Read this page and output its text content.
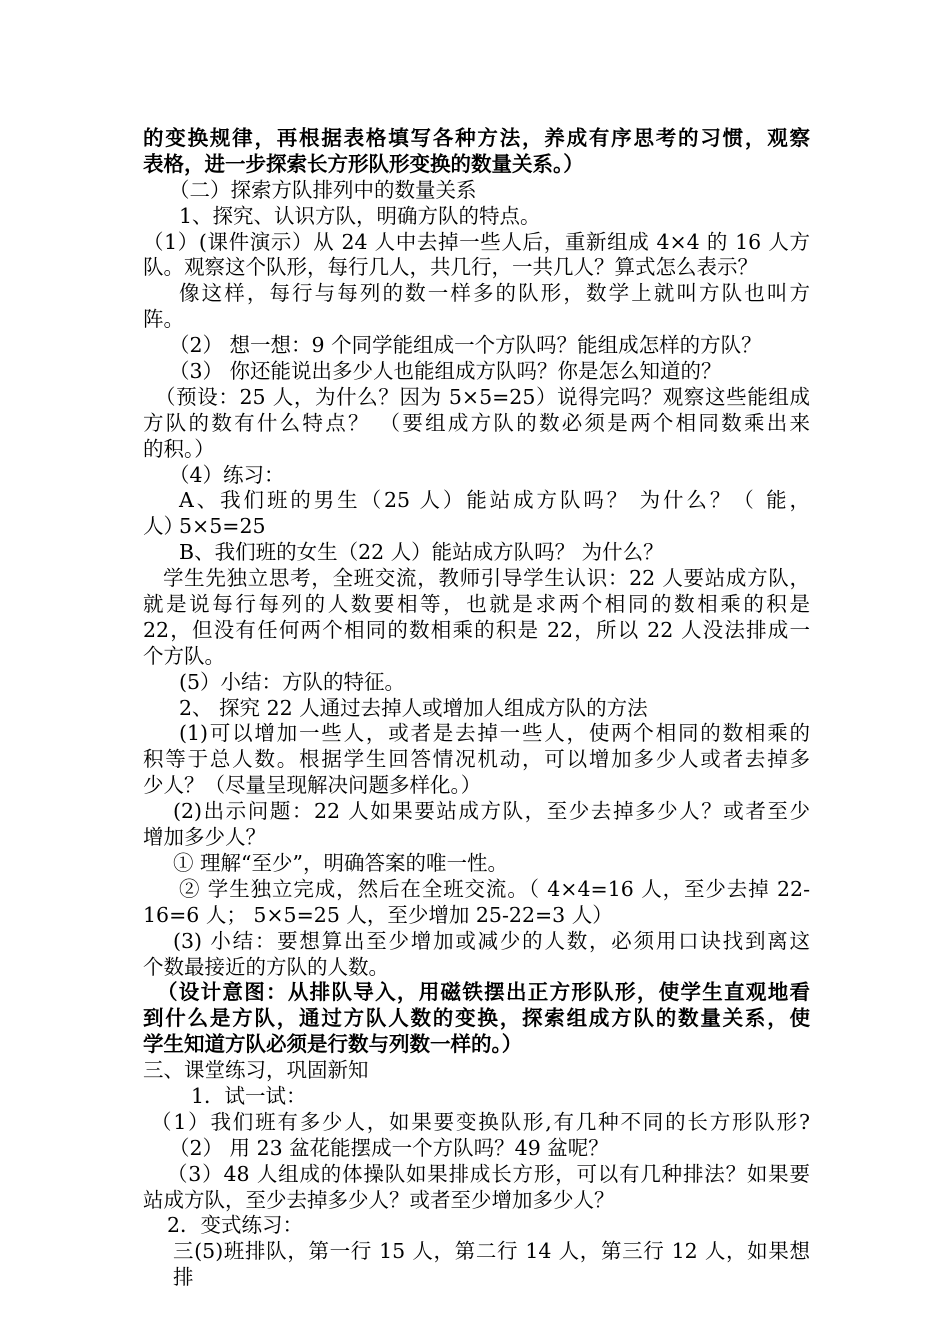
的变换规律，再根据表格填写各种方法，养成有序思考的习惯，观察
表格，进一步探索长方形队形变换的数量关系。）
（二）探索方队排列中的数量关系
1、探究、认识方队，明确方队的特点。
（1）(课件演示）从 24 人中去掉一些人后，重新组成 4×4 的 16 人方
队。观察这个队形，每行几人，共几行，一共几人？算式怎么表示？
像这样，每行与每列的数一样多的队形，数学上就叫方队也叫方
阵。
（2） 想一想：9 个同学能组成一个方队吗？能组成怎样的方队？
（3） 你还能说出多少人也能组成方队吗？你是怎么知道的？
（预设：25 人，为什么？因为 5×5=25）说得完吗？观察这些能组成
方队的数有什么特点？ （要组成方队的数必须是两个相同数乘出来
的积。）
（4）练习：
A、我们班的男生（25 人）能站成方队吗？ 为什么？（ 能，5×5=25
人）
B、我们班的女生（22 人）能站成方队吗？ 为什么？
学生先独立思考，全班交流，教师引导学生认识：22 人要站成方队，
就是说每行每列的人数要相等，也就是求两个相同的数相乘的积是
22，但没有任何两个相同的数相乘的积是 22，所以 22 人没法排成一
个方队。
(5）小结：方队的特征。
2、 探究 22 人通过去掉人或增加人组成方队的方法
(1)可以增加一些人，或者是去掉一些人，使两个相同的数相乘的
积等于总人数。根据学生回答情况机动，可以增加多少人或者去掉多
少人？（尽量呈现解决问题多样化。）
(2)出示问题：22 人如果要站成方队，至少去掉多少人？或者至少
增加多少人？
① 理解“至少”，明确答案的唯一性。
② 学生独立完成，然后在全班交流。（ 4×4=16 人，至少去掉 22-
16=6 人； 5×5=25 人，至少增加 25-22=3 人）
(3) 小结：要想算出至少增加或减少的人数，必须用口诀找到离这
个数最接近的方队的人数。
（设计意图：从排队导入，用磁铁摆出正方形队形，使学生直观地看
到什么是方队，通过方队人数的变换，探索组成方队的数量关系，使
学生知道方队必须是行数与列数一样的。）
三、课堂练习，巩固新知
1．试一试：
（1）我们班有多少人，如果要变换队形,有几种不同的长方形队形?
（2） 用 23 盆花能摆成一个方队吗？49 盆呢？
（3）48 人组成的体操队如果排成长方形，可以有几种排法？如果要
站成方队，至少去掉多少人？或者至少增加多少人？
2．变式练习：
三(5)班排队，第一行 15 人，第二行 14 人，第三行 12 人，如果想排
